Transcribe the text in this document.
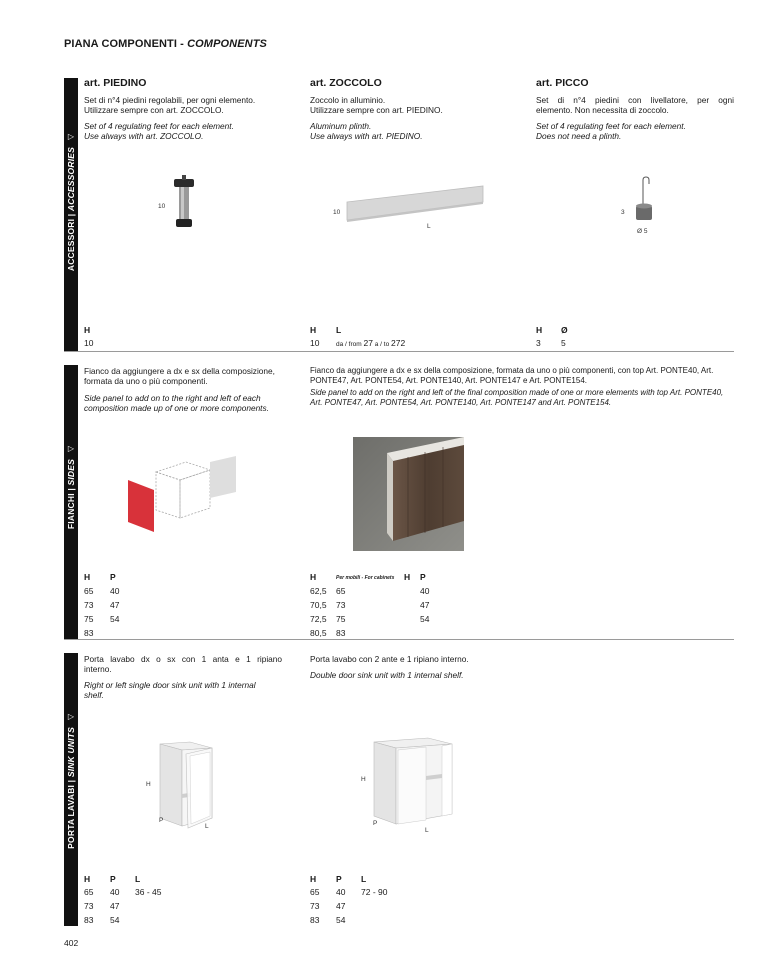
PIANA COMPONENTI - COMPONENTS
▷
ACCESSORI | ACCESSORIES
art. PIEDINO
Set di n°4 piedini regolabili, per ogni elemento.
Utilizzare sempre con art. ZOCCOLO.
Set of 4 regulating feet for each element.
Use always with art. ZOCCOLO.
10
H
10
art. ZOCCOLO
Zoccolo in alluminio.
Utilizzare sempre con art. PIEDINO.
Aluminum plinth.
Use always with art. PIEDINO.
10
L
H L
10	da / from 27 a / to 272
art. PICCO
Set di n°4 piedini con livellatore, per ogni
elemento. Non necessita di zoccolo.
Set of 4 regulating feet for each element.
Does not need a plinth.
3
Ø 5
H Ø
3 5
▷
FIANCHI | SIDES
Fianco da aggiungere a dx e sx della composizione,
formata da uno o più componenti.
Side panel to add on to the right and left of each
composition made up of one or more components.
H P
65	40
73	47
75	54
83
Fianco da aggiungere a dx e sx della composizione, formata da uno o più componenti, con top Art. PONTE40, Art.
PONTE47, Art. PONTE54, Art. PONTE140, Art. PONTE147 e Art. PONTE154.
Side panel to add on the right and left of the final composition made of one or more elements with top Art. PONTE40,
Art. PONTE47, Art. PONTE54, Art. PONTE140, Art. PONTE147 and Art. PONTE154.
H	Per mobili - For cabinets H P
62,5	65	40
70,5	73	47
72,5	75	54
80,5	83
▷
PORTA LAVABI | SINK UNITS
Porta lavabo dx o sx con 1 anta e 1 ripiano
interno.
Right or left single door sink unit with 1 internal
shelf.
H
P
L
H P L
65	40	36 - 45
73	47
83	54
Porta lavabo con 2 ante e 1 ripiano interno.
Double door sink unit with 1 internal shelf.
H
P
L
H P L
65	40	72 - 90
73	47
83	54
402
